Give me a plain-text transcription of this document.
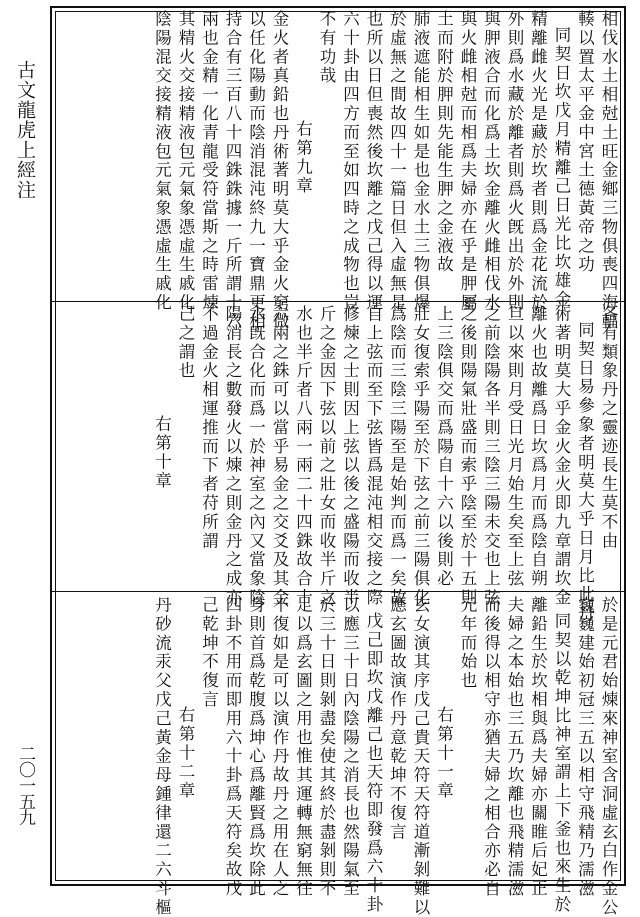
古文龍虎上經注
二〇一五九
相伐水土相尅土旺金鄉三物俱喪四海輻
輳以置太平金中宮土德黃帝之功
同契日坎戊月精離己日光比坎雄金
精離雌火光是藏於坎者則爲金花流於
外則爲水藏於離者則爲火旣出於外則
與胛液合而化爲土坎金離火雌相伐水
與火雌相尅而相爲夫婦亦在乎是胛屬
土而附於胛則先能生胛之金液故
肺液遮能相生如是也金水土三物俱爆
於虛無之間故四十一篇日但入虛無是
也所以日但喪然後坎離之戊己得以運
六十卦由四方而至如四時之成物也豈
不有功哉
右第九章
金火者真鉛也丹術著明莫大乎金火窮微
以任化陽動而陰消混沌終九一寶鼎更相
持合有三百八十四銖銖據一斤所謂十六
兩也金精一化青龍受符當斯之時雷煉
其精火交接精液包元氣象憑虛生戚化
陰陽混交接精液包元氣象憑虛生戚化
各有類象丹之靈迹長生莫不由
同契日易參象者明莫大乎日月比此丹
術著明莫大乎金火金火即九章謂坎金
離火也故離爲日坎爲月而爲陰自朔
旦以來則月受日光月始生矣至上弦
之前陰陽各半則三陰三陽未交也上弦
之後則陽氣壯盛而索乎陰至於十五則
上三陰俱交而爲陽自十六以後則必
壯女復索乎陽至於下弦之前三陽俱化
爲陰而三陰三陽至是始判而爲一矣故
自上弦而至下弦皆爲混沌相交接之際
修煉之士則因上弦以後之盛陽而收半
斤之金因下弦以前之壯女而收半斤之
水也半斤者八兩一兩二十四銖故合十
六兩之銖可以當乎易金之交爻及其金
水旣合化而爲一於神室之內又當象陰
陽消長之數發火以煉之則金丹之成亦
不過金火相運推而下者苻所謂
己之謂也
右第十章
於是元君始煉來神室含洞虛玄白作金公
巍巍建始初冠三五以相守飛精乃濡滋
同契以乾坤比神室謂上下釜也來生於
離鉛生於坎相與爲夫婦亦關睢后妃正
夫婦之本始也三五乃坎離也飛精濡滋
而後得以相守亦猶夫婦之相合亦必自
元年而始也
右第十一章
玄女演其序戊己貴天符天符道漸剝難以
應玄圖故演作丹意乾坤不復言
戊己即坎戊離己也天符即發爲六十卦
以應三十日內陰陽之消長也然陽氣至
於三十日則剝盡矣使其終於盡剝則不
足以爲玄圖之用也惟其運轉無窮無往
不復如是可以演作丹故丹之用在人之
身則首爲乾腹爲坤心爲離賢爲坎除此
四卦不用而即用六十卦爲天符矣故戊
己乾坤不復言
右第十二章
丹砂流汞父戊己黃金母鍾律還二六斗樞
